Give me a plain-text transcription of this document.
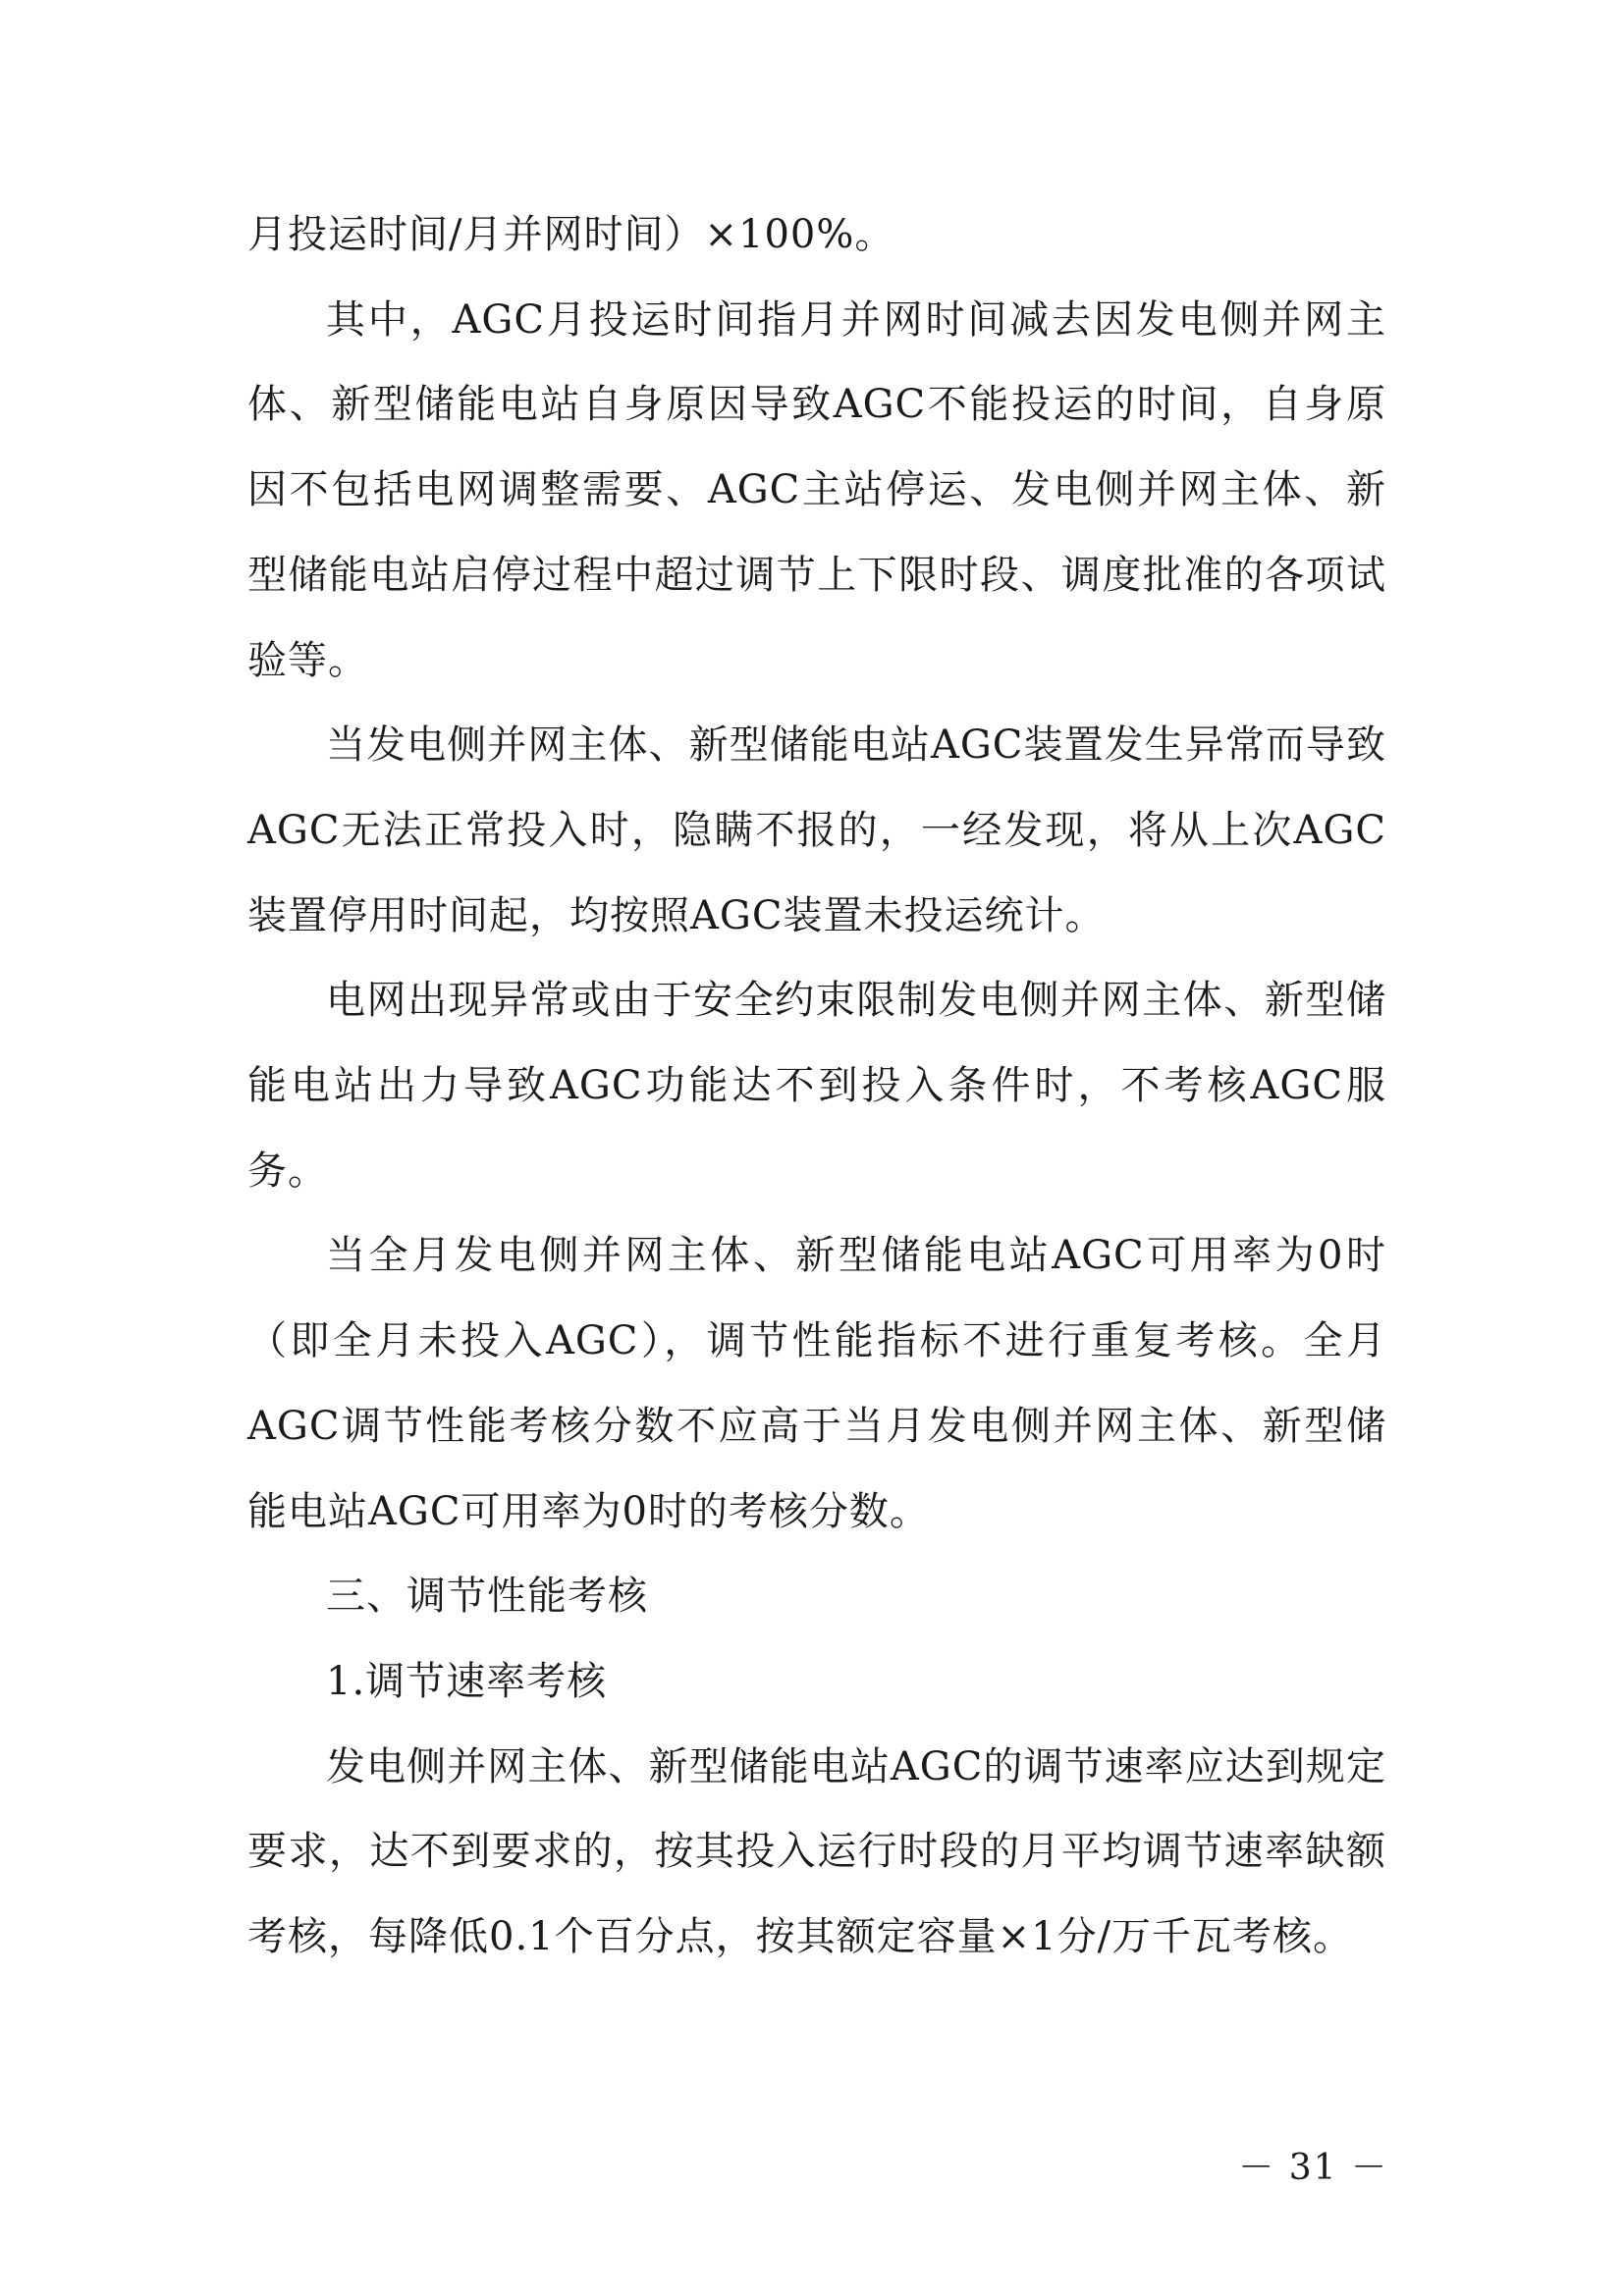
月投运时间/月并网时间）×100%。

其中，AGC月投运时间指月并网时间减去因发电侧并网主体、新型储能电站自身原因导致AGC不能投运的时间，自身原因不包括电网调整需要、AGC主站停运、发电侧并网主体、新型储能电站启停过程中超过调节上下限时段、调度批准的各项试验等。

当发电侧并网主体、新型储能电站AGC装置发生异常而导致AGC无法正常投入时，隐瞒不报的，一经发现，将从上次AGC装置停用时间起，均按照AGC装置未投运统计。

电网出现异常或由于安全约束限制发电侧并网主体、新型储能电站出力导致AGC功能达不到投入条件时，不考核AGC服务。

当全月发电侧并网主体、新型储能电站AGC可用率为0时（即全月未投入AGC），调节性能指标不进行重复考核。全月AGC调节性能考核分数不应高于当月发电侧并网主体、新型储能电站AGC可用率为0时的考核分数。

三、调节性能考核

1.调节速率考核

发电侧并网主体、新型储能电站AGC的调节速率应达到规定要求，达不到要求的，按其投入运行时段的月平均调节速率缺额考核，每降低0.1个百分点，按其额定容量×1分/万千瓦考核。

－ 31 －
